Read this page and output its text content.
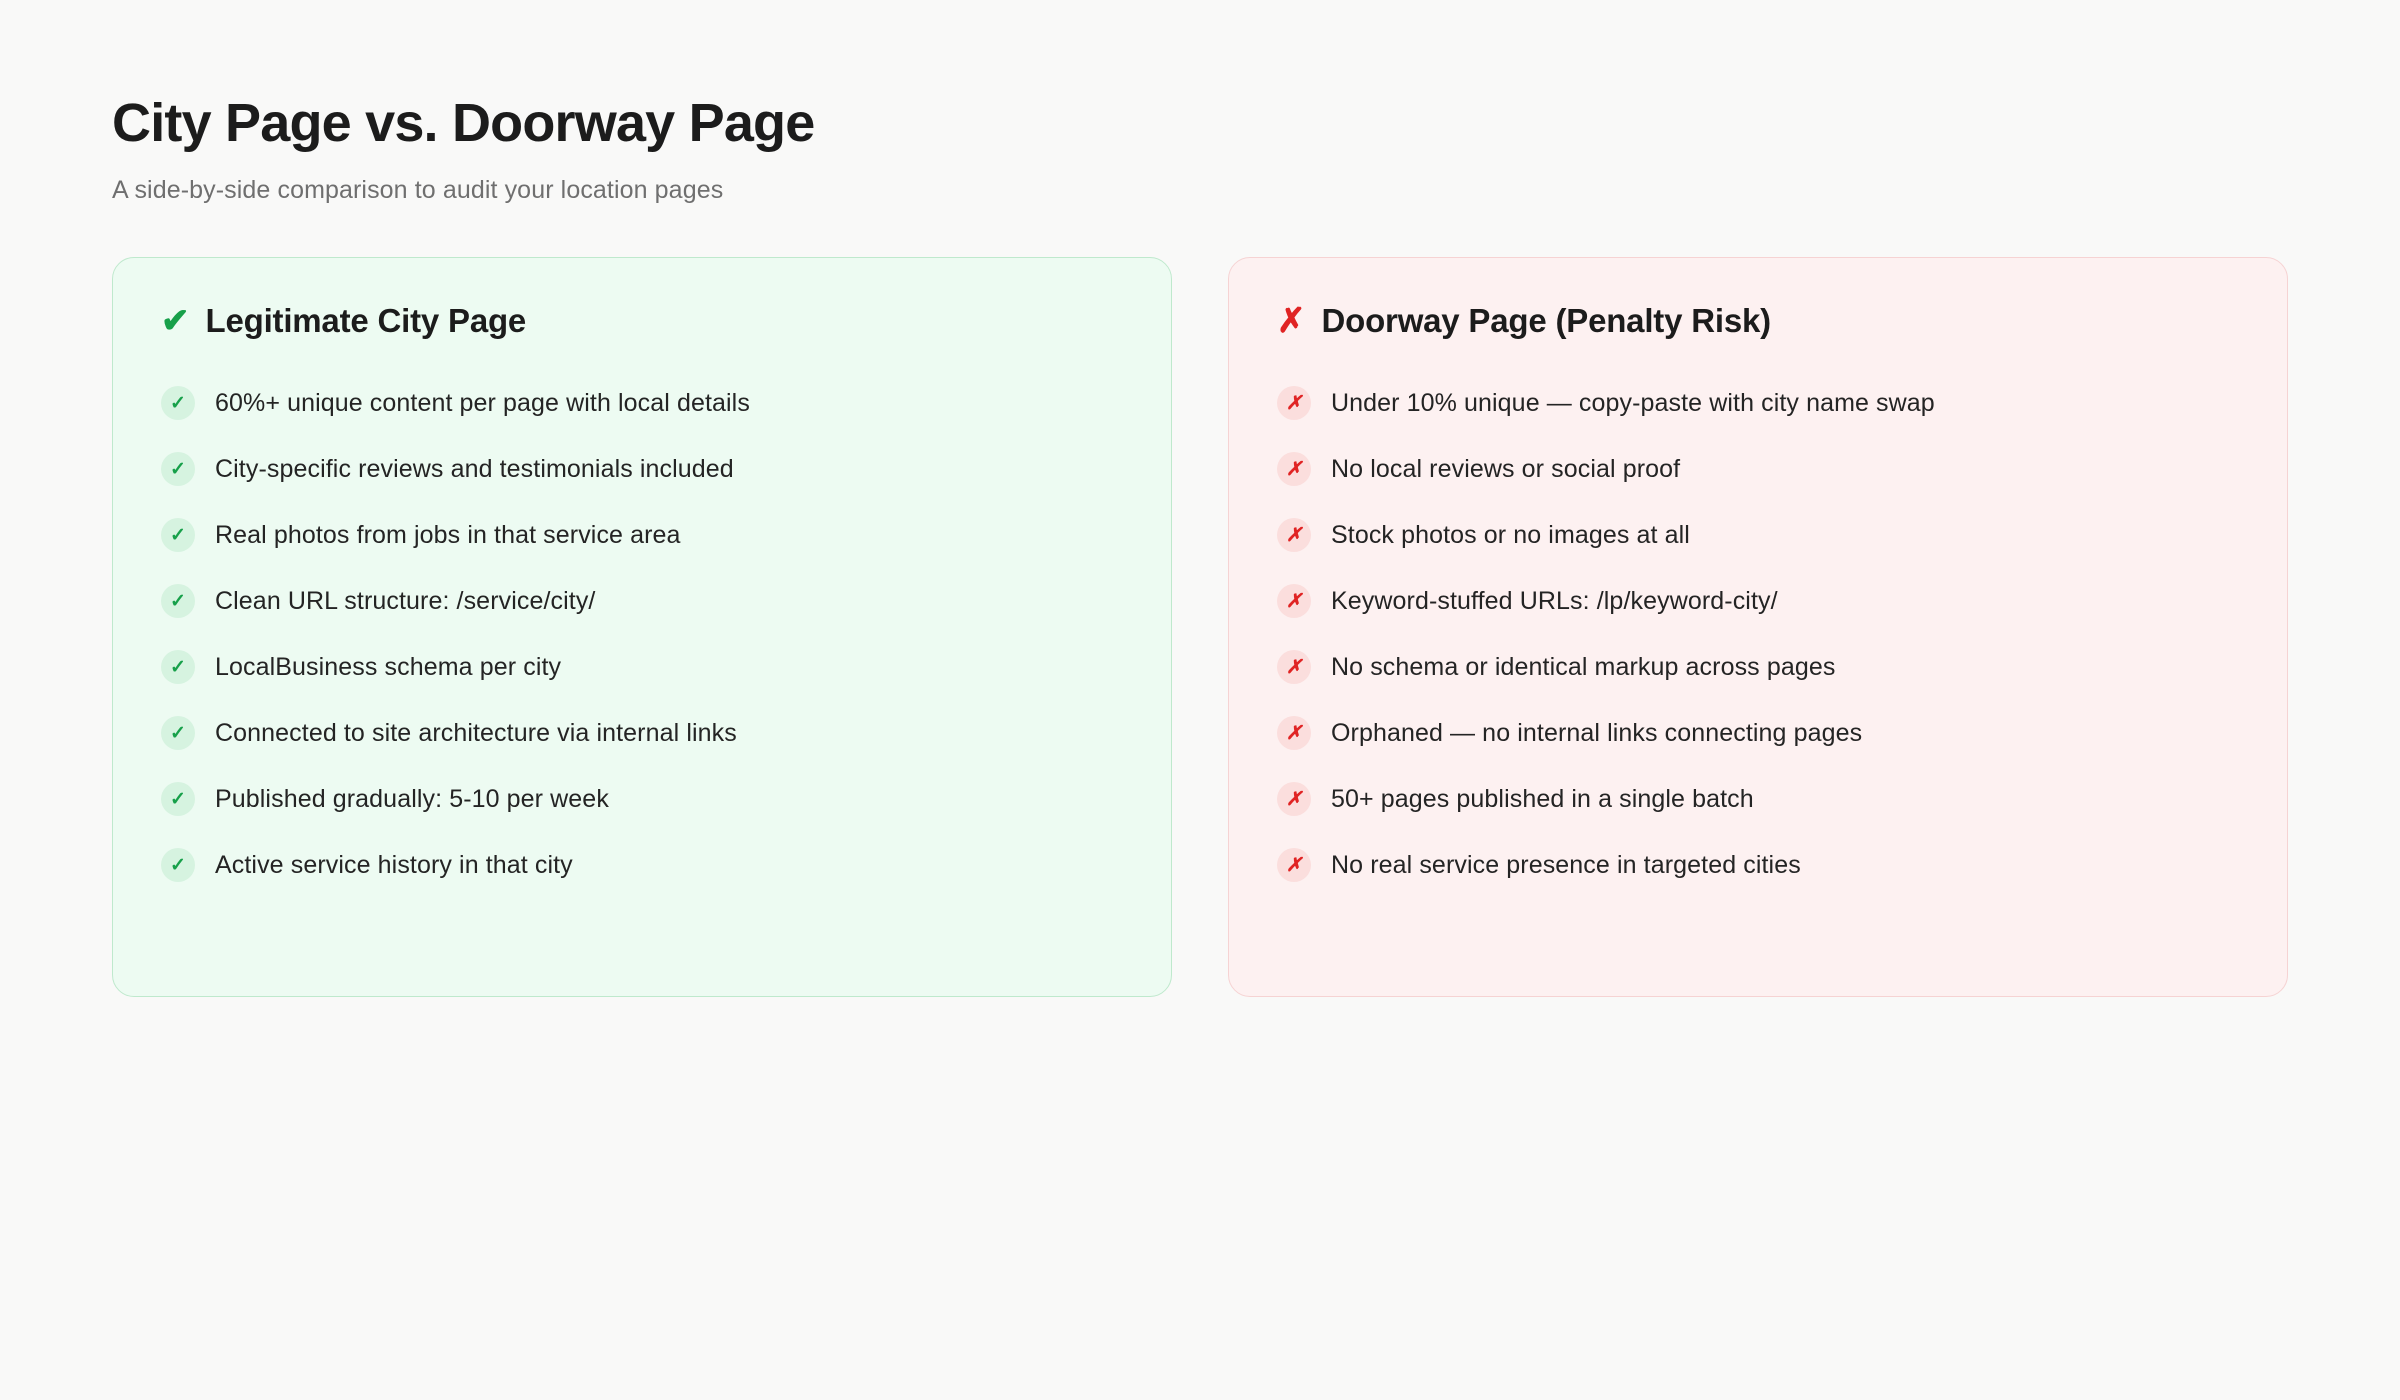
City Page vs. Doorway Page

A side-by-side comparison to audit your location pages

✔ Legitimate City Page
✓	60%+ unique content per page with local details
✓	City-specific reviews and testimonials included
✓	Real photos from jobs in that service area
✓	Clean URL structure: /service/city/
✓	LocalBusiness schema per city
✓	Connected to site architecture via internal links
✓	Published gradually: 5-10 per week
✓	Active service history in that city
✗ Doorway Page (Penalty Risk)
✗	Under 10% unique — copy-paste with city name swap
✗	No local reviews or social proof
✗	Stock photos or no images at all
✗	Keyword-stuffed URLs: /lp/keyword-city/
✗	No schema or identical markup across pages
✗	Orphaned — no internal links connecting pages
✗	50+ pages published in a single batch
✗	No real service presence in targeted cities
